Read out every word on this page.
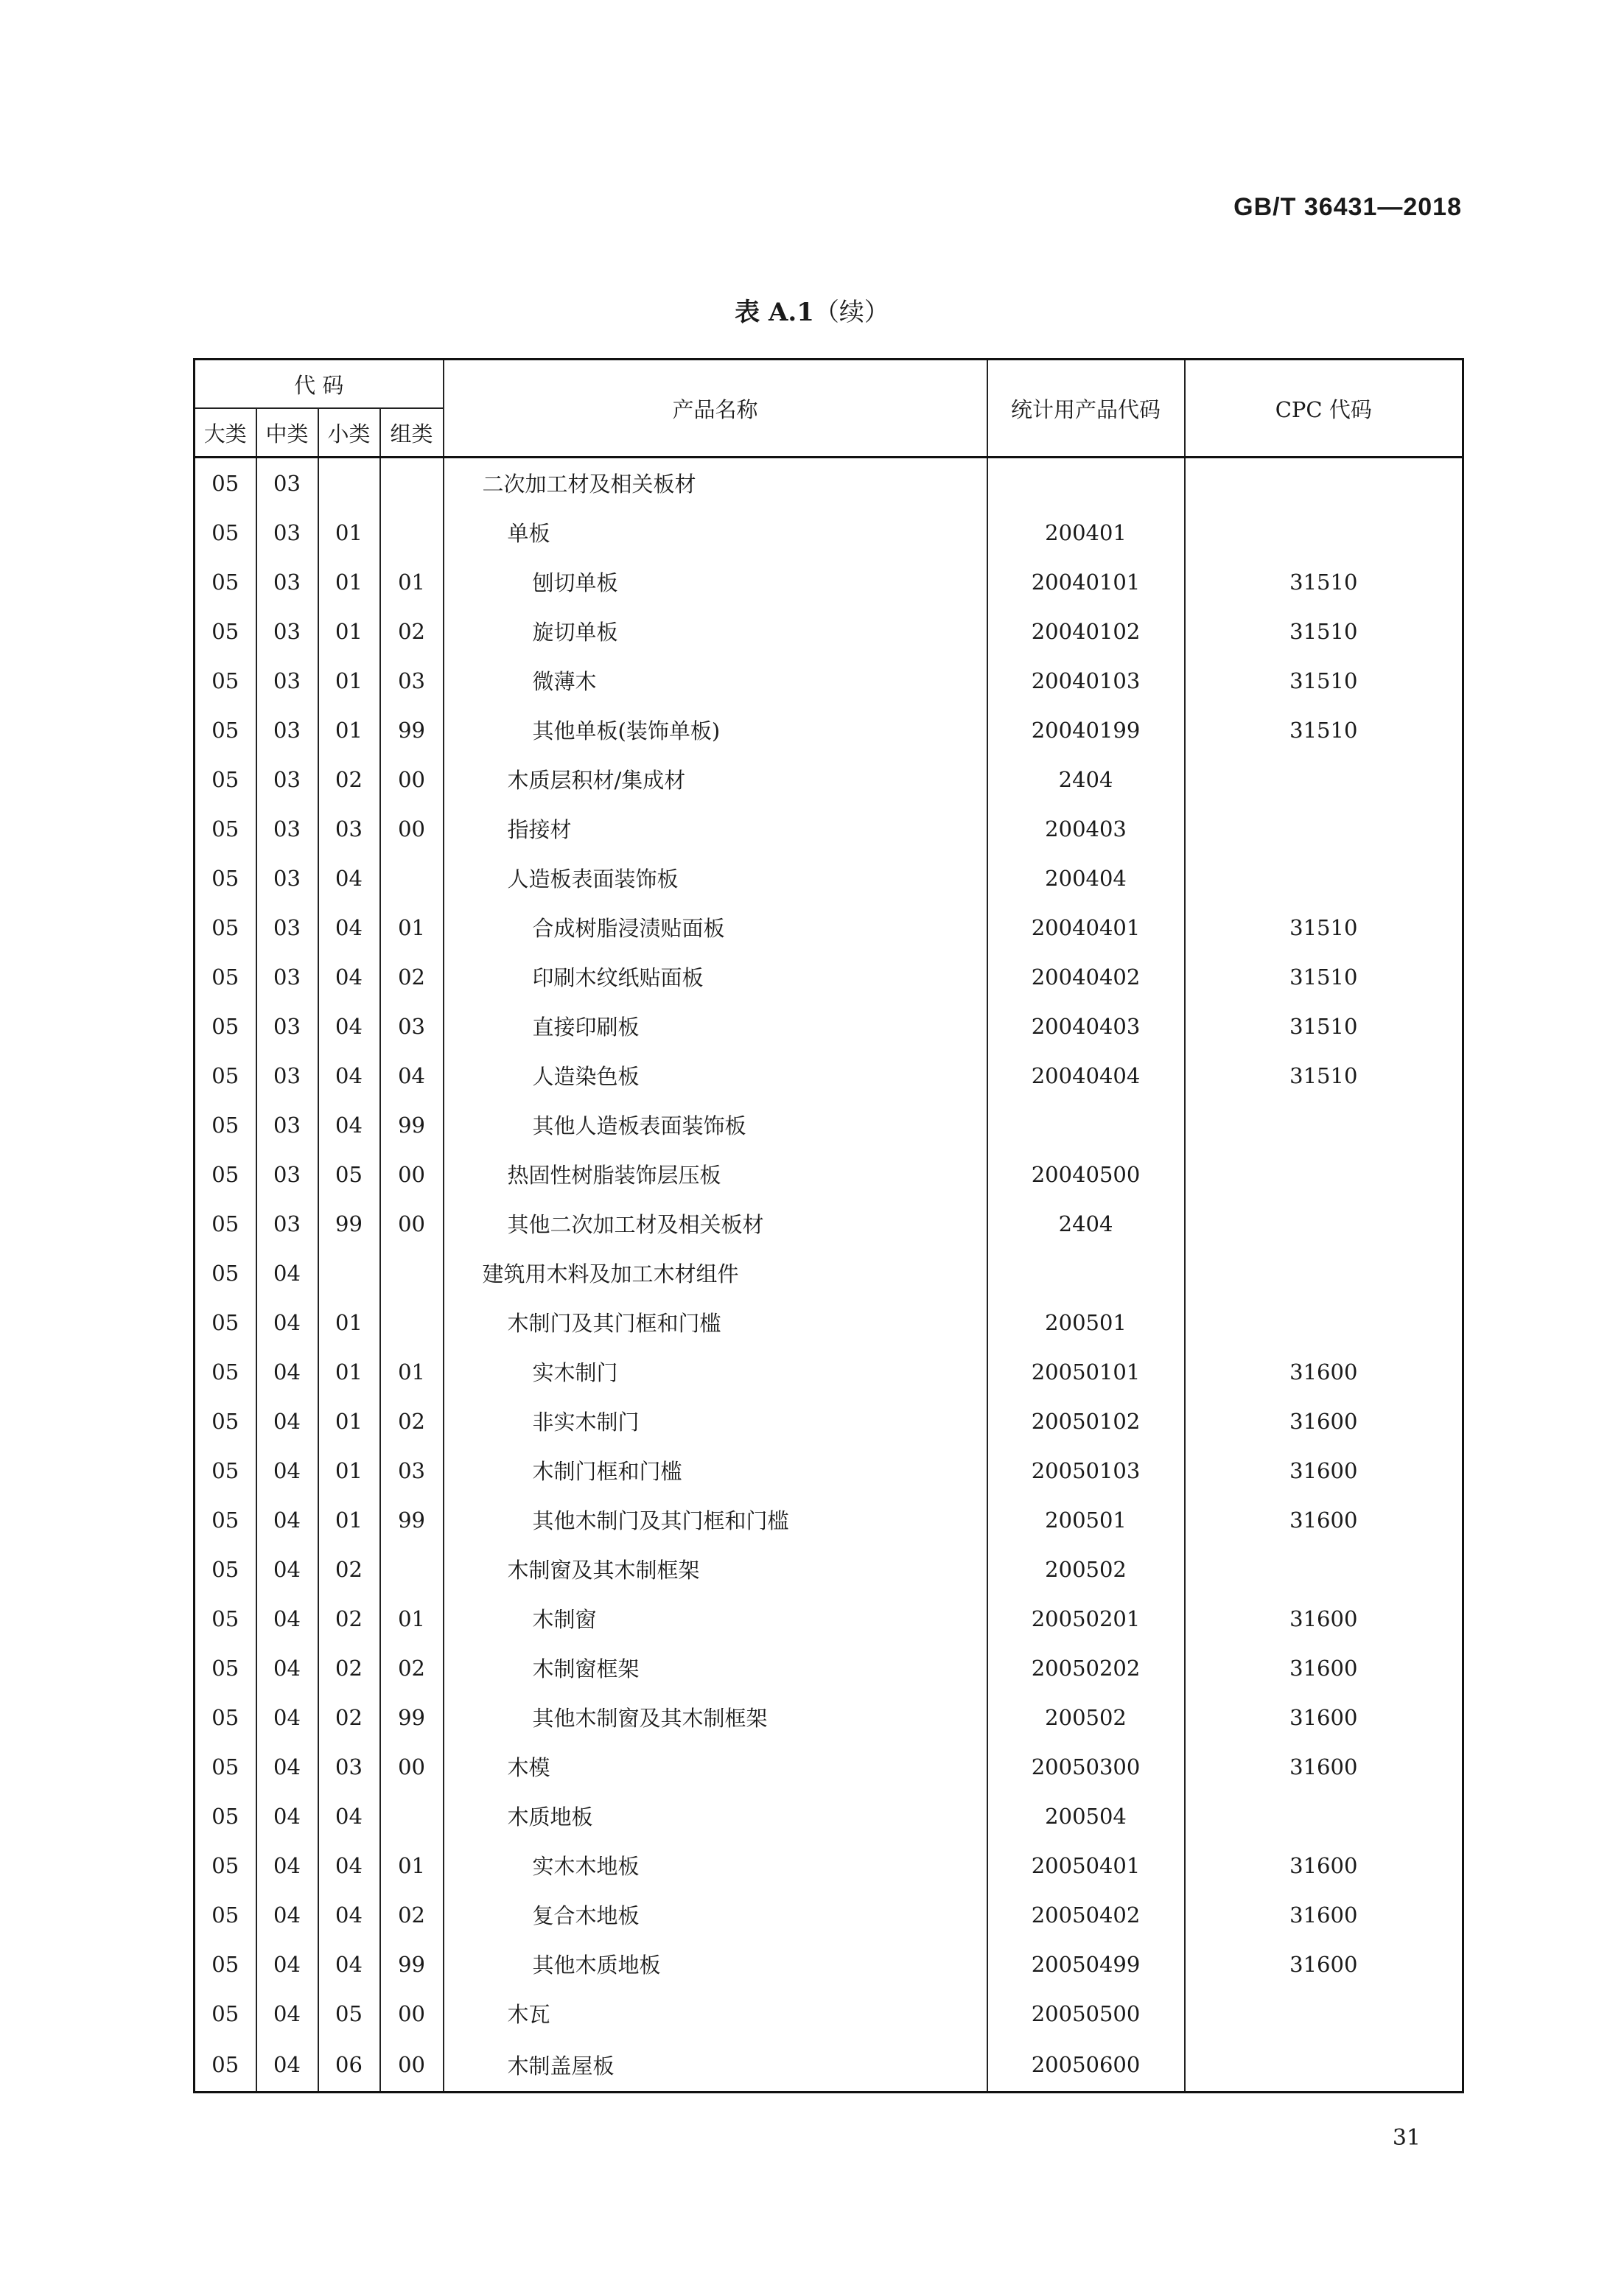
GB/T 36431—2018
表 A.1（续）
代 码				产品名称	统计用产品代码	CPC 代码
大类	中类	小类	组类			
05	03			二次加工材及相关板材		
05	03	01		单板	200401	
05	03	01	01	刨切单板	20040101	31510
05	03	01	02	旋切单板	20040102	31510
05	03	01	03	微薄木	20040103	31510
05	03	01	99	其他单板(装饰单板)	20040199	31510
05	03	02	00	木质层积材/集成材	2404	
05	03	03	00	指接材	200403	
05	03	04		人造板表面装饰板	200404	
05	03	04	01	合成树脂浸渍贴面板	20040401	31510
05	03	04	02	印刷木纹纸贴面板	20040402	31510
05	03	04	03	直接印刷板	20040403	31510
05	03	04	04	人造染色板	20040404	31510
05	03	04	99	其他人造板表面装饰板		
05	03	05	00	热固性树脂装饰层压板	20040500	
05	03	99	00	其他二次加工材及相关板材	2404	
05	04			建筑用木料及加工木材组件		
05	04	01		木制门及其门框和门槛	200501	
05	04	01	01	实木制门	20050101	31600
05	04	01	02	非实木制门	20050102	31600
05	04	01	03	木制门框和门槛	20050103	31600
05	04	01	99	其他木制门及其门框和门槛	200501	31600
05	04	02		木制窗及其木制框架	200502	
05	04	02	01	木制窗	20050201	31600
05	04	02	02	木制窗框架	20050202	31600
05	04	02	99	其他木制窗及其木制框架	200502	31600
05	04	03	00	木模	20050300	31600
05	04	04		木质地板	200504	
05	04	04	01	实木木地板	20050401	31600
05	04	04	02	复合木地板	20050402	31600
05	04	04	99	其他木质地板	20050499	31600
05	04	05	00	木瓦	20050500	
05	04	06	00	木制盖屋板	20050600	
31
